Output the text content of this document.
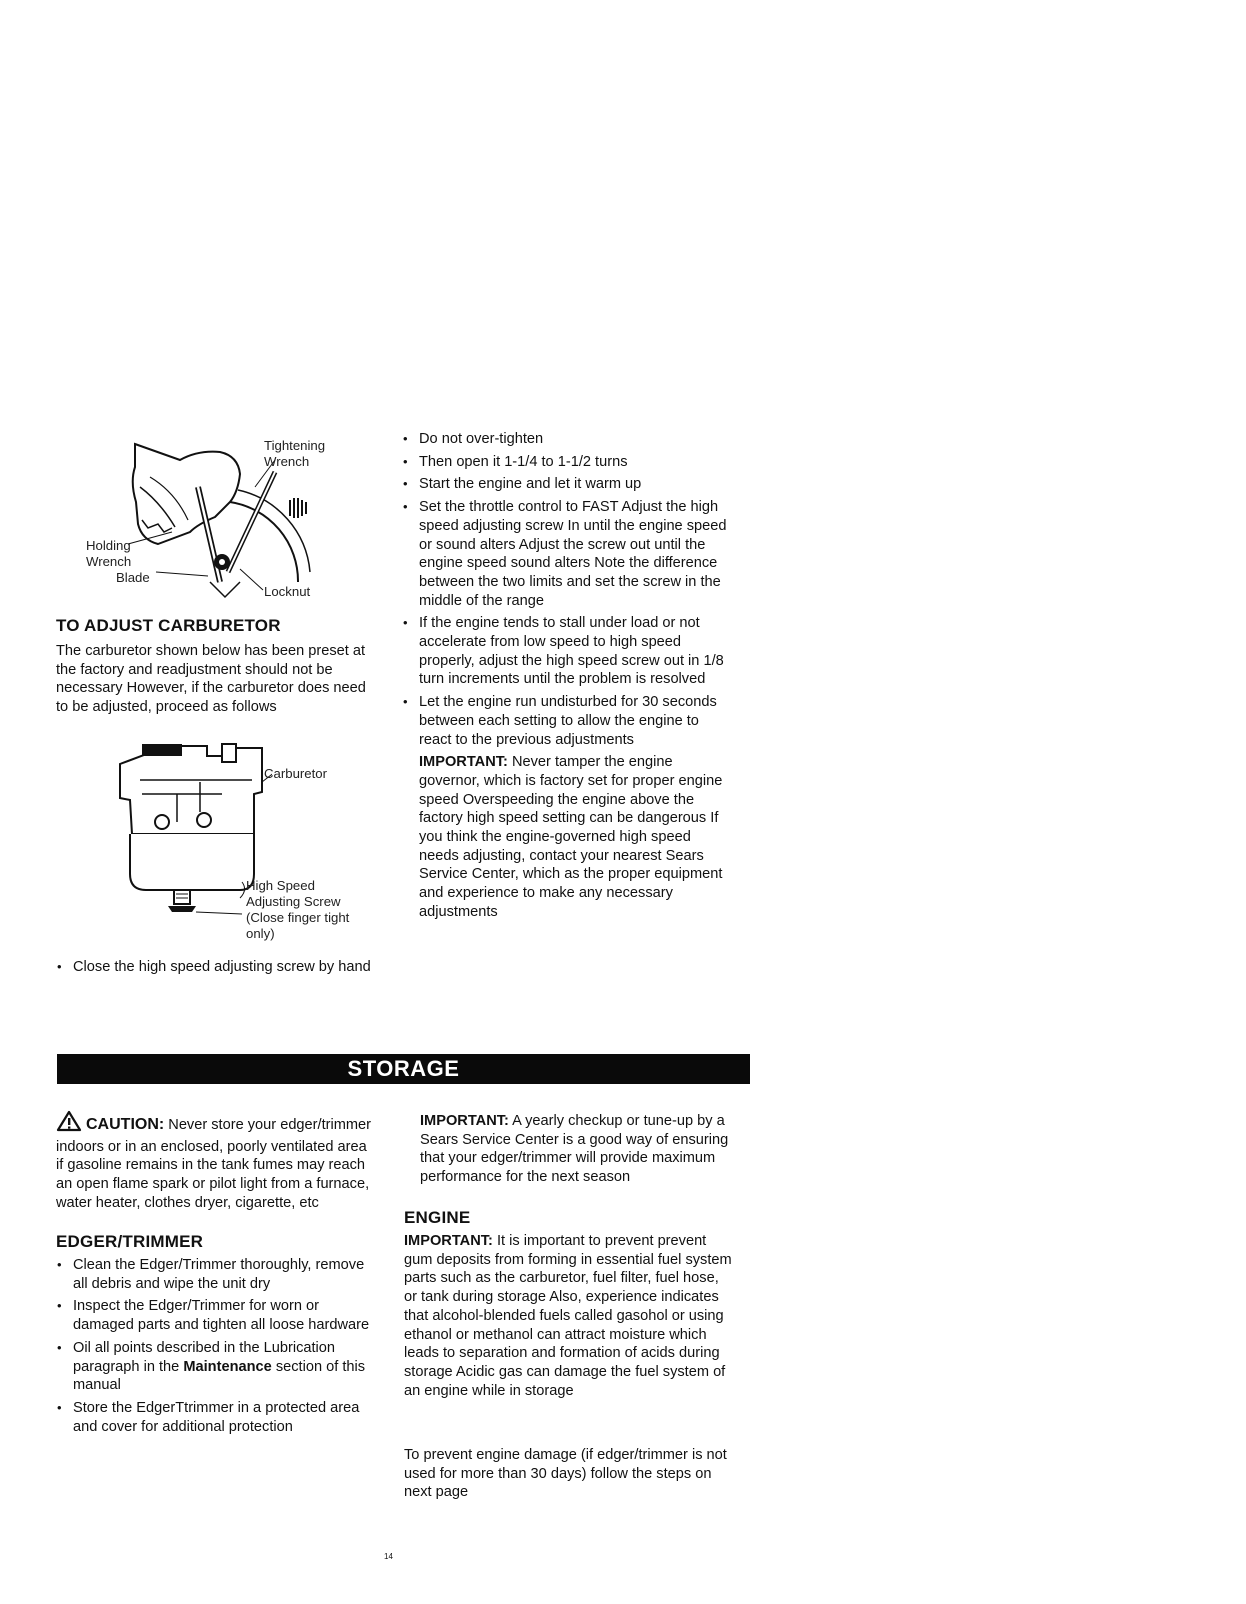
Tightening Wrench
Holding Wrench
Blade
Locknut
TO ADJUST CARBURETOR
The carburetor shown below has been preset at the factory and readjustment should not be necessary However, if the carburetor does need to be adjusted, proceed as follows
Carburetor
High Speed Adjusting Screw (Close finger tight only)
• Close the high speed adjusting screw by hand
• Do not over-tighten
• Then open it 1-1/4 to 1-1/2 turns
• Start the engine and let it warm up
• Set the throttle control to FAST Adjust the high speed adjusting screw In until the engine speed or sound alters Adjust the screw out until the engine speed sound alters Note the difference between the two limits and set the screw in the middle of the range
• If the engine tends to stall under load or not accelerate from low speed to high speed properly, adjust the high speed screw out in 1/8 turn increments until the problem is resolved
• Let the engine run undisturbed for 30 seconds between each setting to allow the engine to react to the previous adjustments

IMPORTANT: Never tamper the engine governor, which is factory set for proper engine speed Overspeeding the engine above the factory high speed setting can be dangerous If you think the engine-governed high speed needs adjusting, contact your nearest Sears Service Center, which as the proper equipment and experience to make any necessary adjustments

STORAGE
CAUTION: Never store your edger/trimmer indoors or in an enclosed, poorly ventilated area if gasoline remains in the tank fumes may reach an open flame spark or pilot light from a furnace, water heater, clothes dryer, cigarette, etc
EDGER/TRIMMER
• Clean the Edger/Trimmer thoroughly, remove all debris and wipe the unit dry
• Inspect the Edger/Trimmer for worn or damaged parts and tighten all loose hardware
• Oil all points described in the Lubrication paragraph in the Maintenance section of this manual
• Store the EdgerTtrimmer in a protected area and cover for additional protection
IMPORTANT: A yearly checkup or tune-up by a Sears Service Center is a good way of ensuring that your edger/trimmer will provide maximum performance for the next season
ENGINE
IMPORTANT: It is important to prevent prevent gum deposits from forming in essential fuel system parts such as the carburetor, fuel filter, fuel hose, or tank during storage Also, experience indicates that alcohol-blended fuels called gasohol or using ethanol or methanol can attract moisture which leads to separation and formation of acids during storage Acidic gas can damage the fuel system of an engine while in storage
To prevent engine damage (if edger/trimmer is not used for more than 30 days) follow the steps on next page
14
